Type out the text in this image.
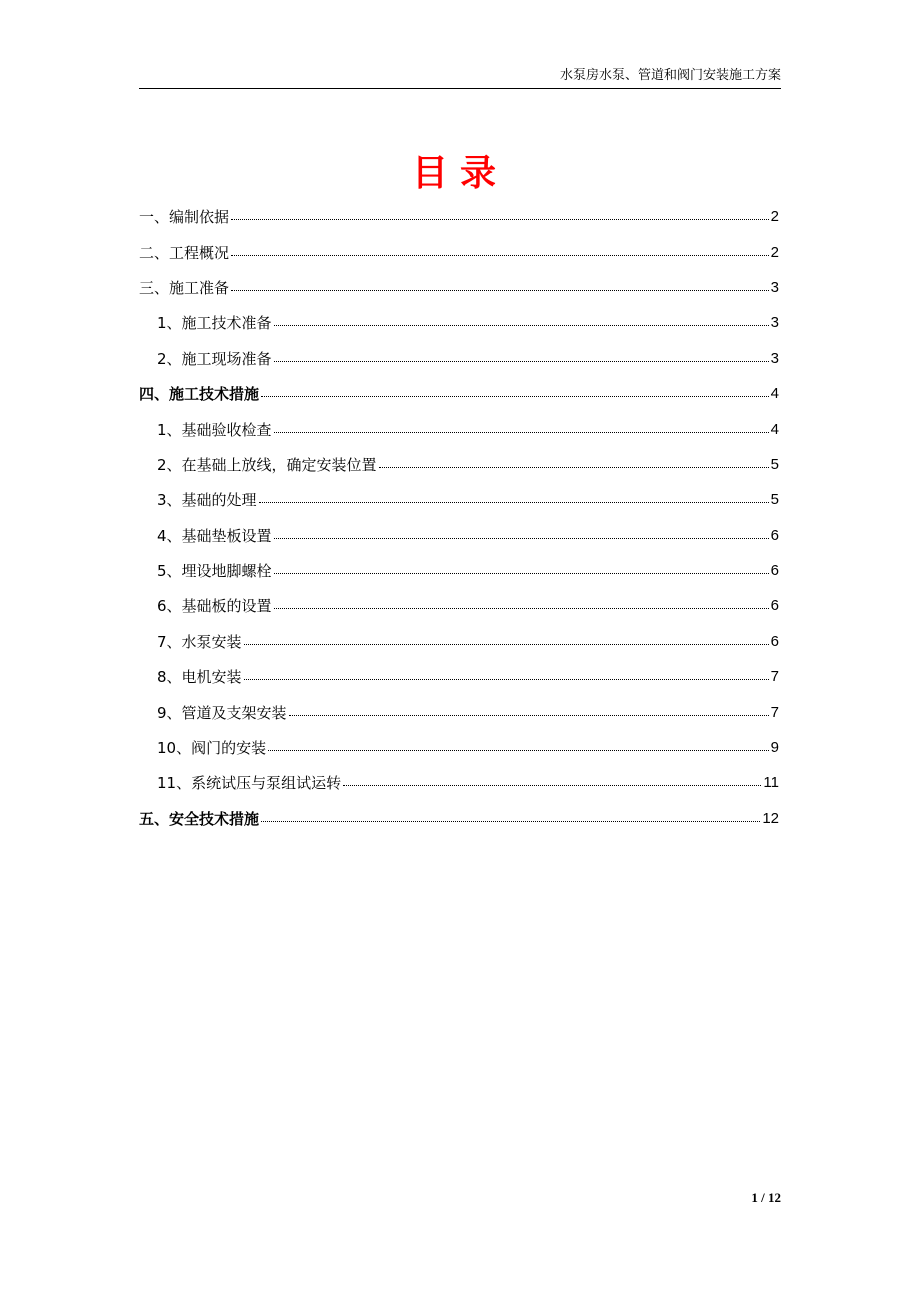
水泵房水泵、管道和阀门安装施工方案
目录
一、编制依据	2
二、工程概况	2
三、施工准备	3
1、施工技术准备	3
2、施工现场准备	3
四、施工技术措施	4
1、基础验收检查	4
2、在基础上放线，确定安装位置	5
3、基础的处理	5
4、基础垫板设置	6
5、埋设地脚螺栓	6
6、基础板的设置	6
7、水泵安装	6
8、电机安装	7
9、管道及支架安装	7
10、阀门的安装	9
11、系统试压与泵组试运转	11
五、安全技术措施	12
1 / 12
